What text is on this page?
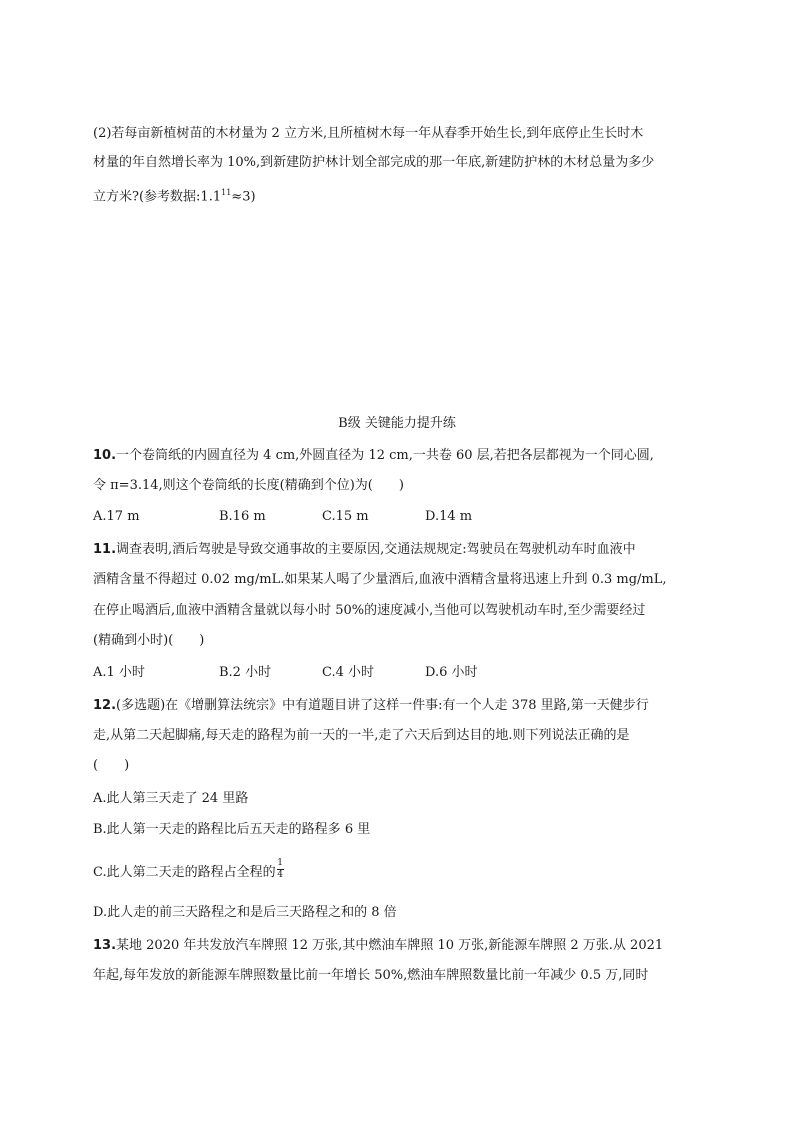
(2)若每亩新植树苗的木材量为 2 立方米,且所植树木每一年从春季开始生长,到年底停止生长时木
材量的年自然增长率为 10%,到新建防护林计划全部完成的那一年底,新建防护林的木材总量为多少
立方米?(参考数据$:1.1^{11}\approx 3$)
B级 关键能力提升练
10.一个卷筒纸的内圆直径为 4 cm,外圆直径为 12 cm,一共卷 60 层,若把各层都视为一个同心圆,
令 π=3.14,则这个卷筒纸的长度(精确到个位)为(　　)
A.17 m	B.16 m	C.15 m	D.14 m
11.调查表明,酒后驾驶是导致交通事故的主要原因,交通法规规定:驾驶员在驾驶机动车时血液中
酒精含量不得超过 0.02 mg/mL.如果某人喝了少量酒后,血液中酒精含量将迅速上升到 0.3 mg/mL,
在停止喝酒后,血液中酒精含量就以每小时 50%的速度减小,当他可以驾驶机动车时,至少需要经过
(精确到小时)(　　)
A.1 小时	B.2 小时	C.4 小时	D.6 小时
12.(多选题)在《增删算法统宗》中有道题目讲了这样一件事:有一个人走 378 里路,第一天健步行
走,从第二天起脚痛,每天走的路程为前一天的一半,走了六天后到达目的地.则下列说法正确的是
(　　)
A.此人第三天走了 24 里路
B.此人第一天走的路程比后五天走的路程多 6 里
C.此人第二天走的路程占全程的 $\frac{1}{4}$
D.此人走的前三天路程之和是后三天路程之和的 8 倍
13.某地 2020 年共发放汽车牌照 12 万张,其中燃油车牌照 10 万张,新能源车牌照 2 万张.从 2021
年起,每年发放的新能源车牌照数量比前一年增长 50%,燃油车牌照数量比前一年减少 0.5 万,同时
